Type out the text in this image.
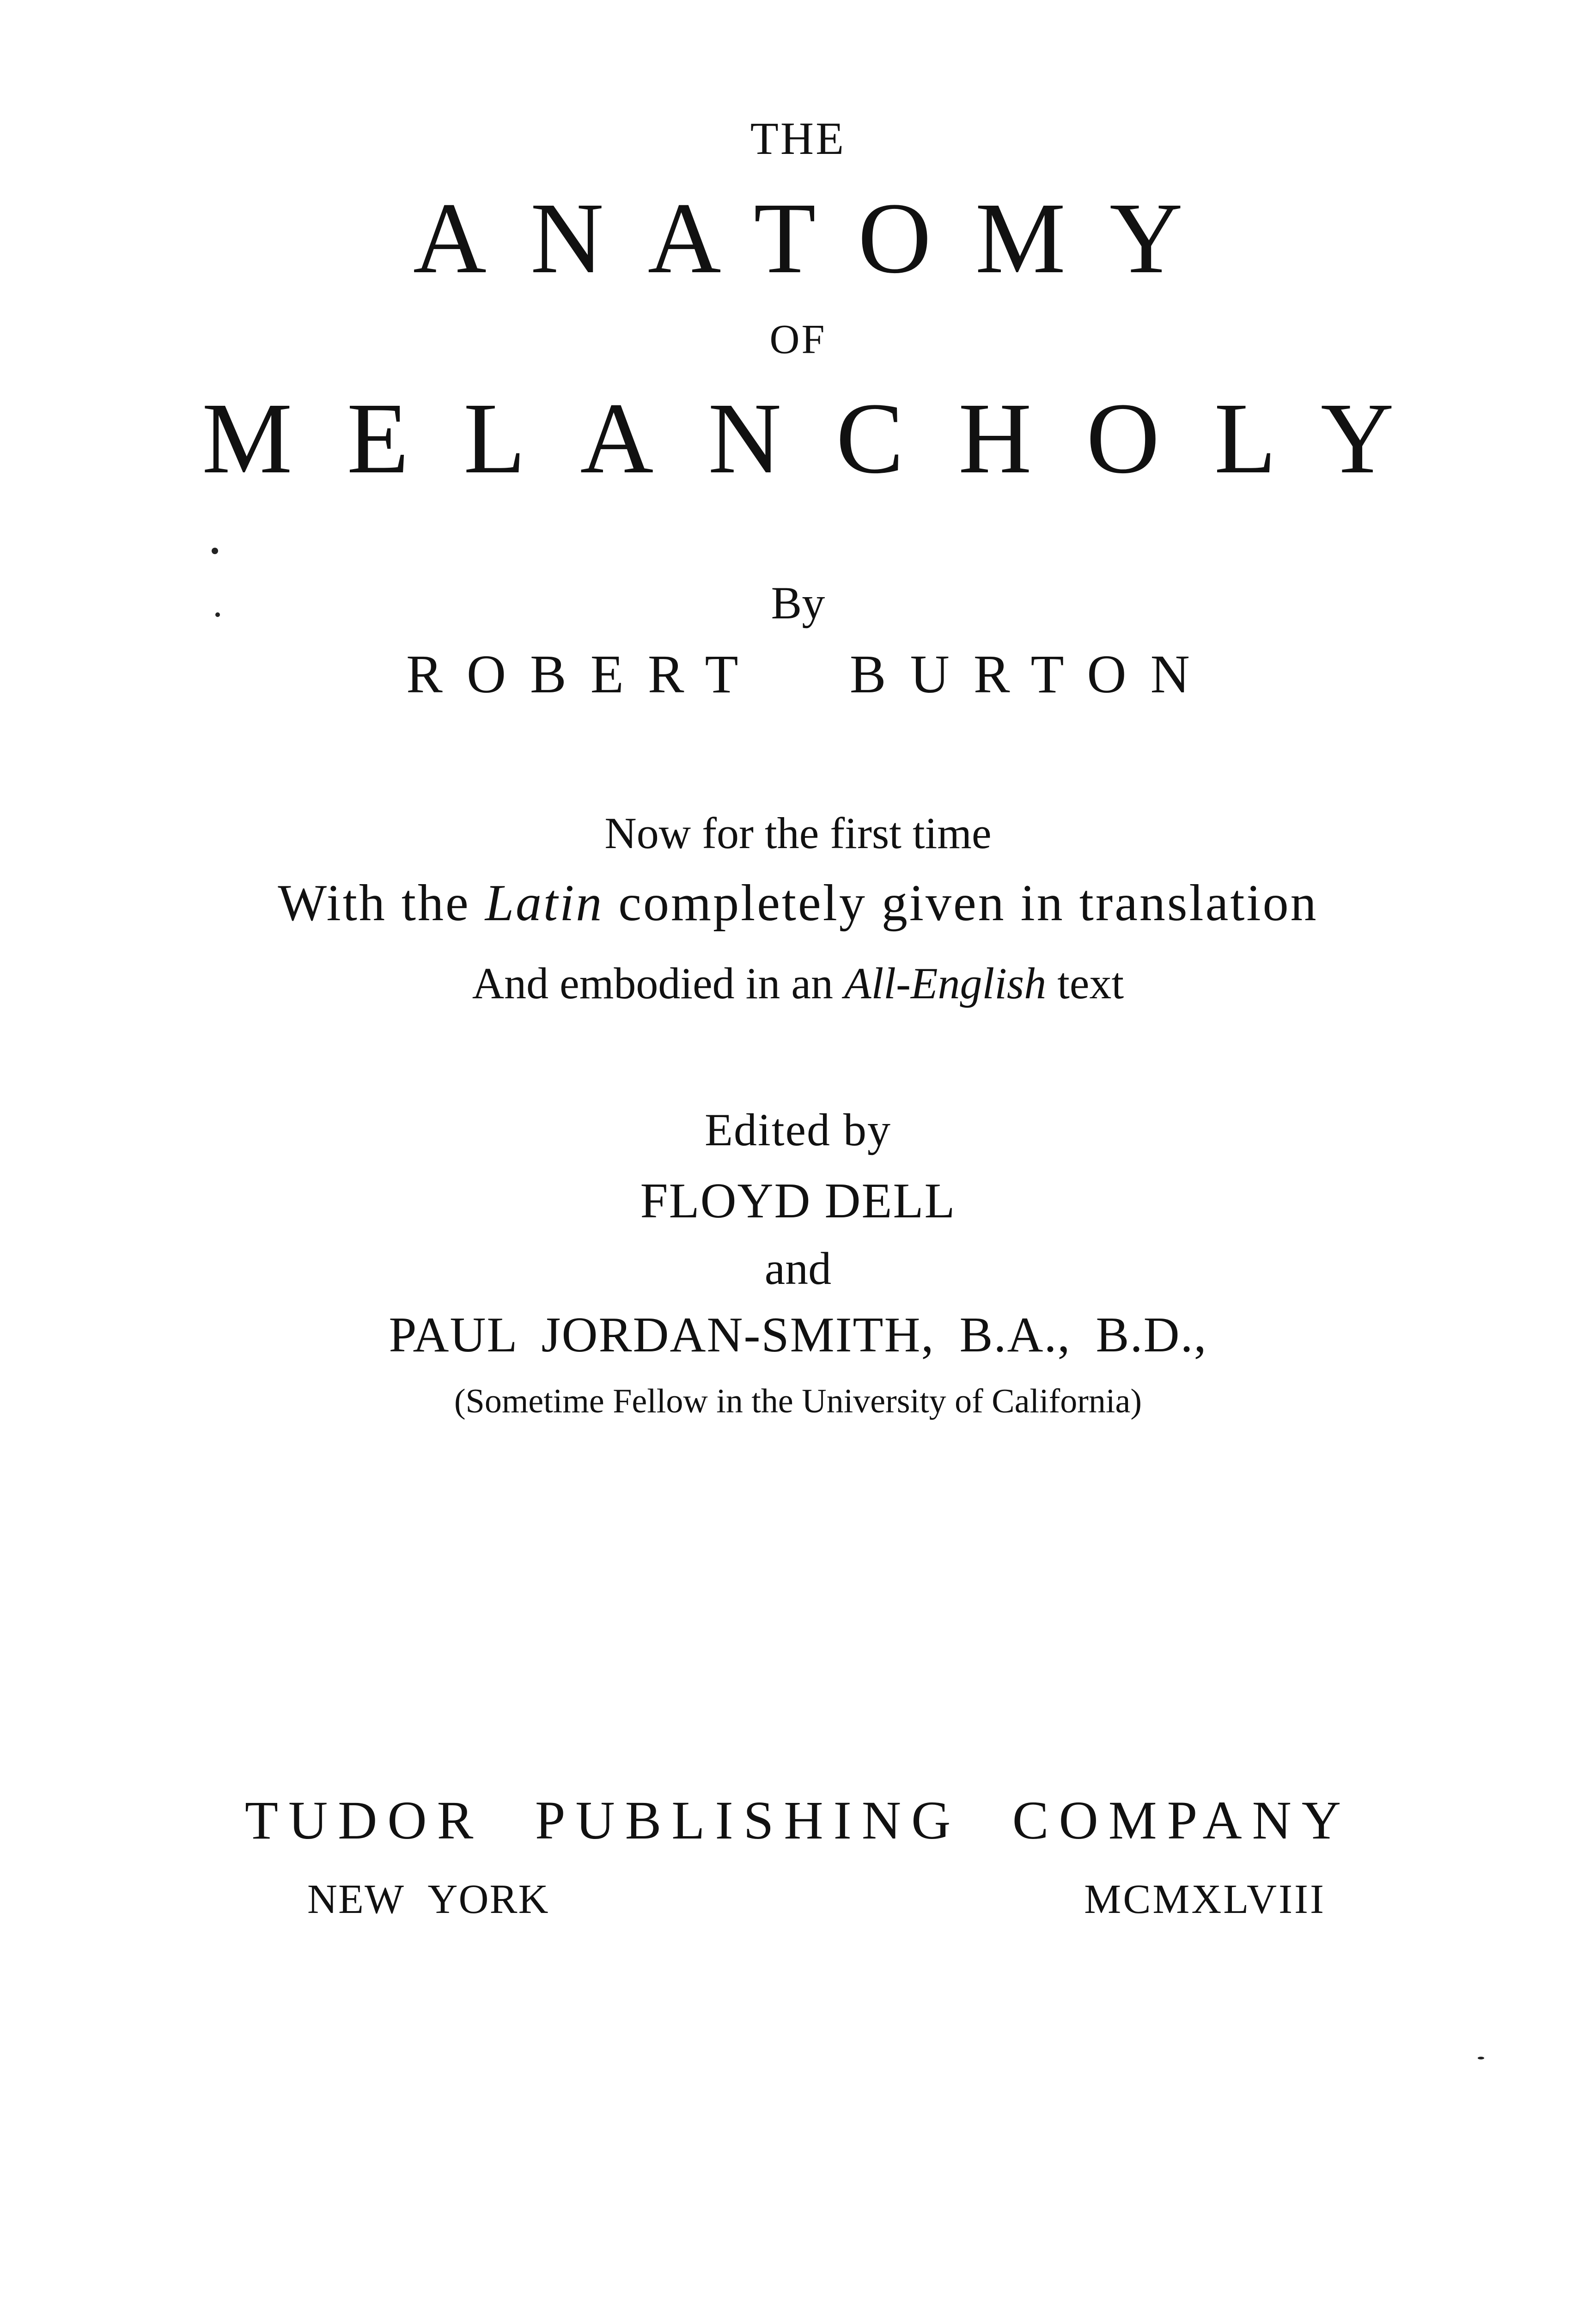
THE
ANATOMY
OF
MELANCHOLY
By
ROBERT BURTON
Now for the first time
With the Latin completely given in translation
And embodied in an All-English text
Edited by
FLOYD DELL
and
PAUL JORDAN-SMITH, B.A., B.D.,
(Sometime Fellow in the University of California)
TUDOR PUBLISHING COMPANY
NEW YORK	MCMXLVIII
